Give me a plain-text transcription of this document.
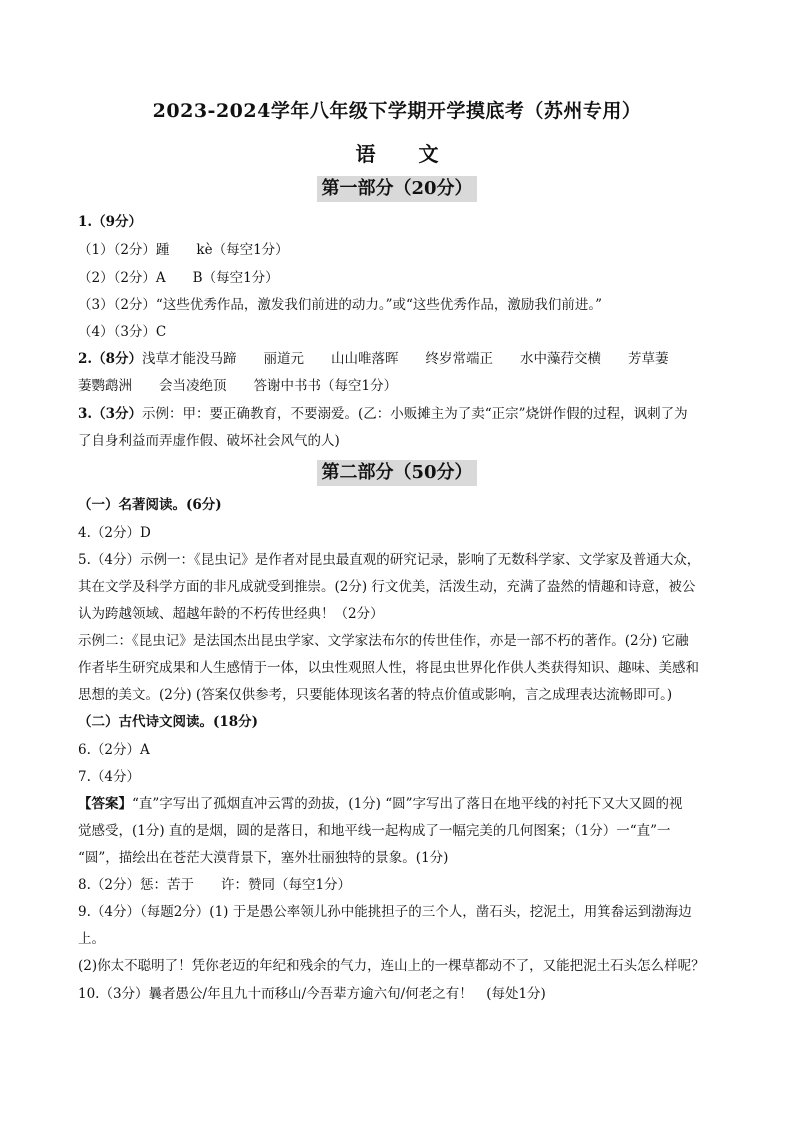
2023-2024学年八年级下学期开学摸底考（苏州专用）
语 文
第一部分（20分）
1.（9分）
（1）（2分）踵　　kè（每空1分）
（2）（2分）A　　B（每空1分）
（3）（2分）“这些优秀作品，激发我们前进的动力。”或“这些优秀作品，激励我们前进。”
（4）（3分）C
2.（8分）浅草才能没马蹄　　丽道元　　山山唯落晖　　终岁常端正　　水中藻荇交横　　芳草萋
萋鹦鹉洲　　会当凌绝顶　　答谢中书书（每空1分）
3.（3分）示例：甲：要正确教育，不要溺爱。(乙：小贩摊主为了卖“正宗”烧饼作假的过程，讽刺了为
了自身利益而弄虚作假、破坏社会风气的人)
第二部分（50分）
（一）名著阅读。(6分)
4.（2分）D
5.（4分）示例一：《昆虫记》是作者对昆虫最直观的研究记录，影响了无数科学家、文学家及普通大众，
其在文学及科学方面的非凡成就受到推崇。(2分) 行文优美，活泼生动，充满了盎然的情趣和诗意，被公
认为跨越领域、超越年龄的不朽传世经典！（2分）
示例二：《昆虫记》是法国杰出昆虫学家、文学家法布尔的传世佳作，亦是一部不朽的著作。(2分) 它融
作者毕生研究成果和人生感情于一体，以虫性观照人性，将昆虫世界化作供人类获得知识、趣味、美感和
思想的美文。(2分) (答案仅供参考，只要能体现该名著的特点价值或影响，言之成理表达流畅即可。)
（二）古代诗文阅读。(18分)
6.（2分）A
7.（4分）
【答案】“直”字写出了孤烟直冲云霄的劲拔，(1分) “圆”字写出了落日在地平线的衬托下又大又圆的视
觉感受，(1分) 直的是烟，圆的是落日，和地平线一起构成了一幅完美的几何图案；（1分）一“直”一
“圆”，描绘出在苍茫大漠背景下，塞外壮丽独特的景象。(1分)
8.（2分）惩：苦于　　许：赞同（每空1分）
9.（4分）（每题2分）(1) 于是愚公率领儿孙中能挑担子的三个人，凿石头，挖泥土，用箕畚运到渤海边
上。
(2)你太不聪明了！凭你老迈的年纪和残余的气力，连山上的一棵草都动不了，又能把泥土石头怎么样呢？
10.（3分）曩者愚公/年且九十而移山/今吾辈方逾六旬/何老之有！　(每处1分)
